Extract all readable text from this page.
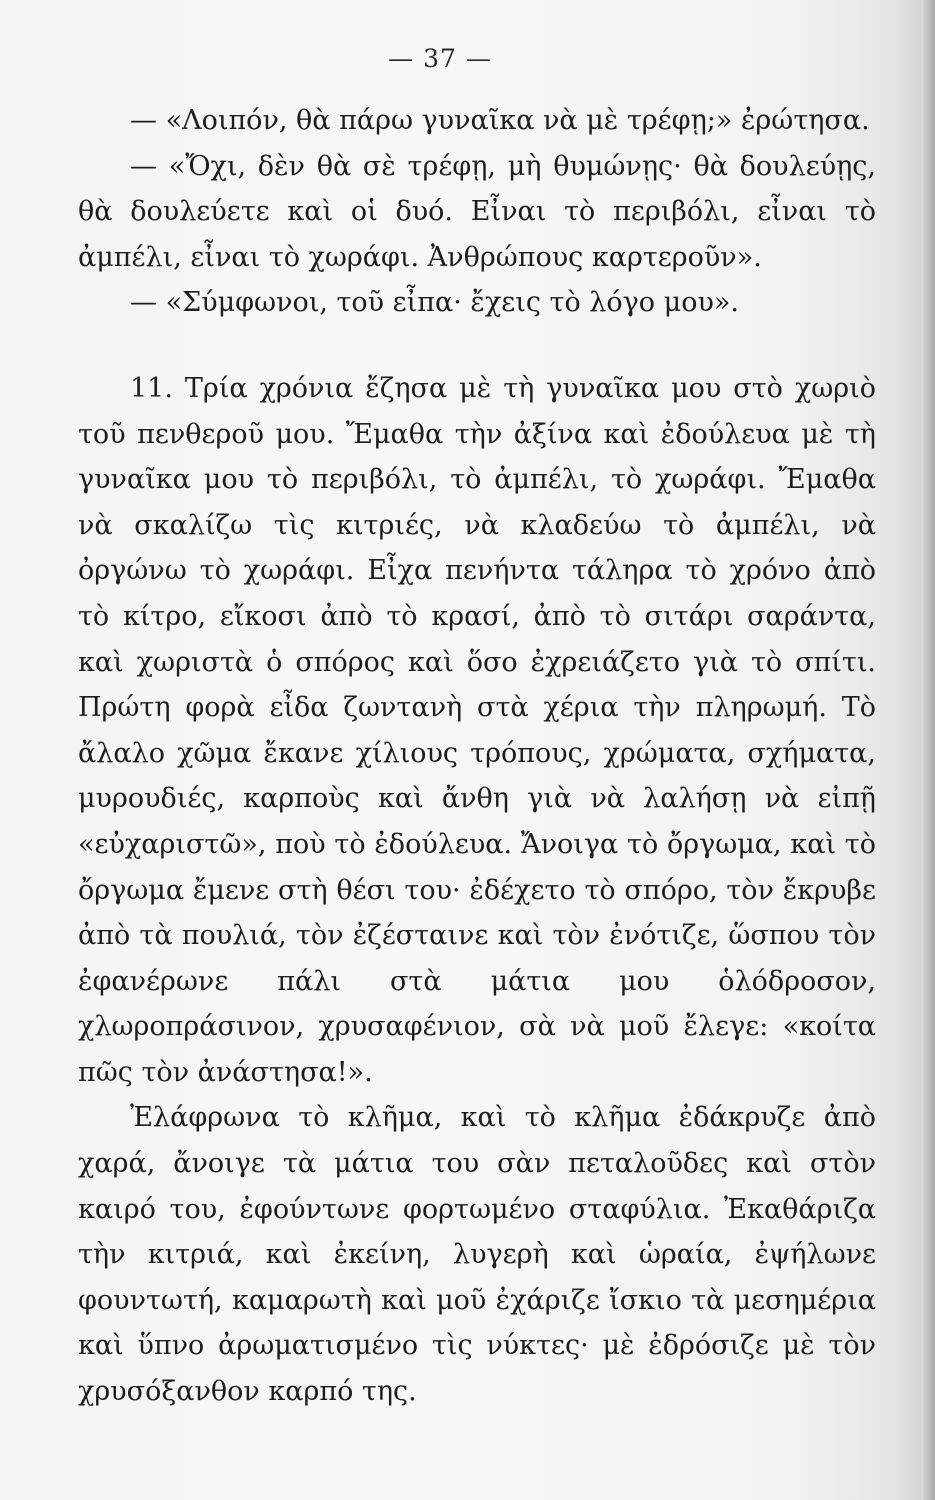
— 37 —

— «Λοιπόν, θὰ πάρω γυναῖκα νὰ μὲ τρέφῃ;» ἐρώτησα.

— «Ὄχι, δὲν θὰ σὲ τρέφῃ, μὴ θυμώνῃς· θὰ δουλεύῃς, θὰ δουλεύετε καὶ οἱ δυό. Εἶναι τὸ περιβόλι, εἶναι τὸ ἀμπέλι, εἶναι τὸ χωράφι. Ἀνθρώπους καρτεροῦν».

— «Σύμφωνοι, τοῦ εἶπα· ἔχεις τὸ λόγο μου».

11. Τρία χρόνια ἔζησα μὲ τὴ γυναῖκα μου στὸ χωριὸ τοῦ πενθεροῦ μου. Ἔμαθα τὴν ἀξίνα καὶ ἐδούλευα μὲ τὴ γυναῖκα μου τὸ περιβόλι, τὸ ἀμπέλι, τὸ χωράφι. Ἔμαθα νὰ σκαλίζω τὶς κιτριές, νὰ κλαδεύω τὸ ἀμπέλι, νὰ ὀργώνω τὸ χωράφι. Εἶχα πενήντα τάληρα τὸ χρόνο ἀπὸ τὸ κίτρο, εἴκοσι ἀπὸ τὸ κρασί, ἀπὸ τὸ σιτάρι σαράντα, καὶ χωριστὰ ὁ σπόρος καὶ ὅσο ἐχρειάζετο γιὰ τὸ σπίτι. Πρώτη φορὰ εἶδα ζωντανὴ στὰ χέρια τὴν πληρωμή. Τὸ ἄλαλο χῶμα ἔκανε χίλιους τρόπους, χρώματα, σχήματα, μυρουδιές, καρποὺς καὶ ἄνθη γιὰ νὰ λαλήσῃ νὰ εἰπῇ «εὐχαριστῶ», ποὺ τὸ ἐδούλευα. Ἄνοιγα τὸ ὄργωμα, καὶ τὸ ὄργωμα ἔμενε στὴ θέσι του· ἐδέχετο τὸ σπόρο, τὸν ἔκρυβε ἀπὸ τὰ πουλιά, τὸν ἐζέσταινε καὶ τὸν ἐνότιζε, ὥσπου τὸν ἐφανέρωνε πάλι στὰ μάτια μου ὁλόδροσον, χλωροπράσινον, χρυσαφένιον, σὰ νὰ μοῦ ἔλεγε: «κοίτα πῶς τὸν ἀνάστησα!».

Ἐλάφρωνα τὸ κλῆμα, καὶ τὸ κλῆμα ἐδάκρυζε ἀπὸ χαρά, ἄνοιγε τὰ μάτια του σὰν πεταλοῦδες καὶ στὸν καιρό του, ἐφούντωνε φορτωμένο σταφύλια. Ἐκαθάριζα τὴν κιτριά, καὶ ἐκείνη, λυγερὴ καὶ ὡραία, ἐψήλωνε φουντωτή, καμαρωτὴ καὶ μοῦ ἐχάριζε ἴσκιο τὰ μεσημέρια καὶ ὕπνο ἀρωματισμένο τὶς νύκτες· μὲ ἐδρόσιζε μὲ τὸν χρυσόξανθον καρπό της.
